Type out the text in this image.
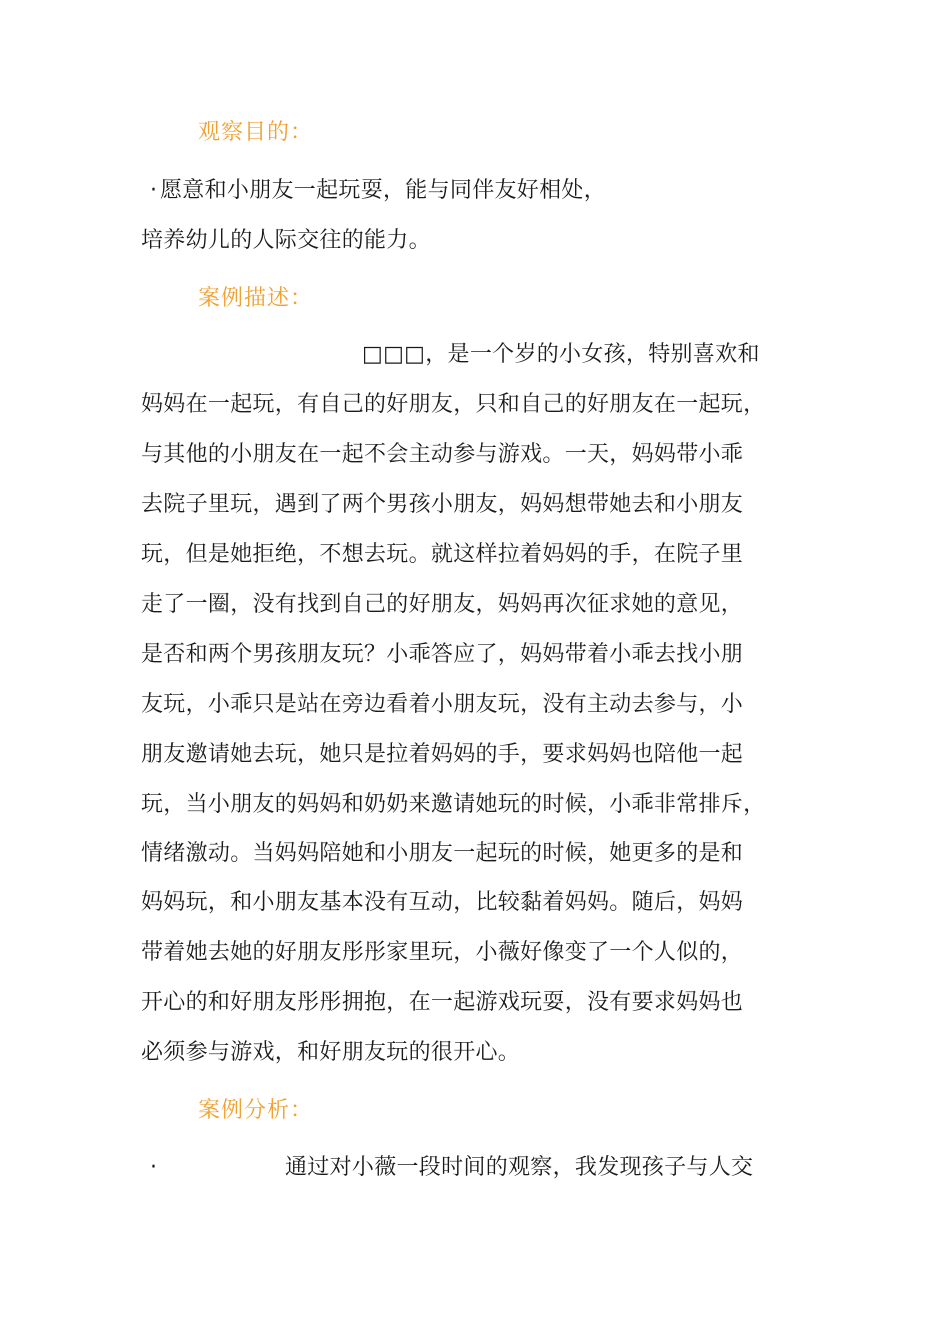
观察目的：
· 愿意和小朋友一起玩耍，能与同伴友好相处，
培养幼儿的人际交往的能力。
案例描述：
□□□，是一个岁的小女孩，特别喜欢和
妈妈在一起玩，有自己的好朋友，只和自己的好朋友在一起玩，
与其他的小朋友在一起不会主动参与游戏。一天，妈妈带小乖
去院子里玩，遇到了两个男孩小朋友，妈妈想带她去和小朋友
玩，但是她拒绝，不想去玩。就这样拉着妈妈的手，在院子里
走了一圈，没有找到自己的好朋友，妈妈再次征求她的意见，
是否和两个男孩朋友玩？小乖答应了，妈妈带着小乖去找小朋
友玩，小乖只是站在旁边看着小朋友玩，没有主动去参与，小
朋友邀请她去玩，她只是拉着妈妈的手，要求妈妈也陪他一起
玩，当小朋友的妈妈和奶奶来邀请她玩的时候，小乖非常排斥，
情绪激动。当妈妈陪她和小朋友一起玩的时候，她更多的是和
妈妈玩，和小朋友基本没有互动，比较黏着妈妈。随后，妈妈
带着她去她的好朋友彤彤家里玩，小薇好像变了一个人似的，
开心的和好朋友彤彤拥抱，在一起游戏玩耍，没有要求妈妈也
必须参与游戏，和好朋友玩的很开心。
案例分析：
·	通过对小薇一段时间的观察，我发现孩子与人交
